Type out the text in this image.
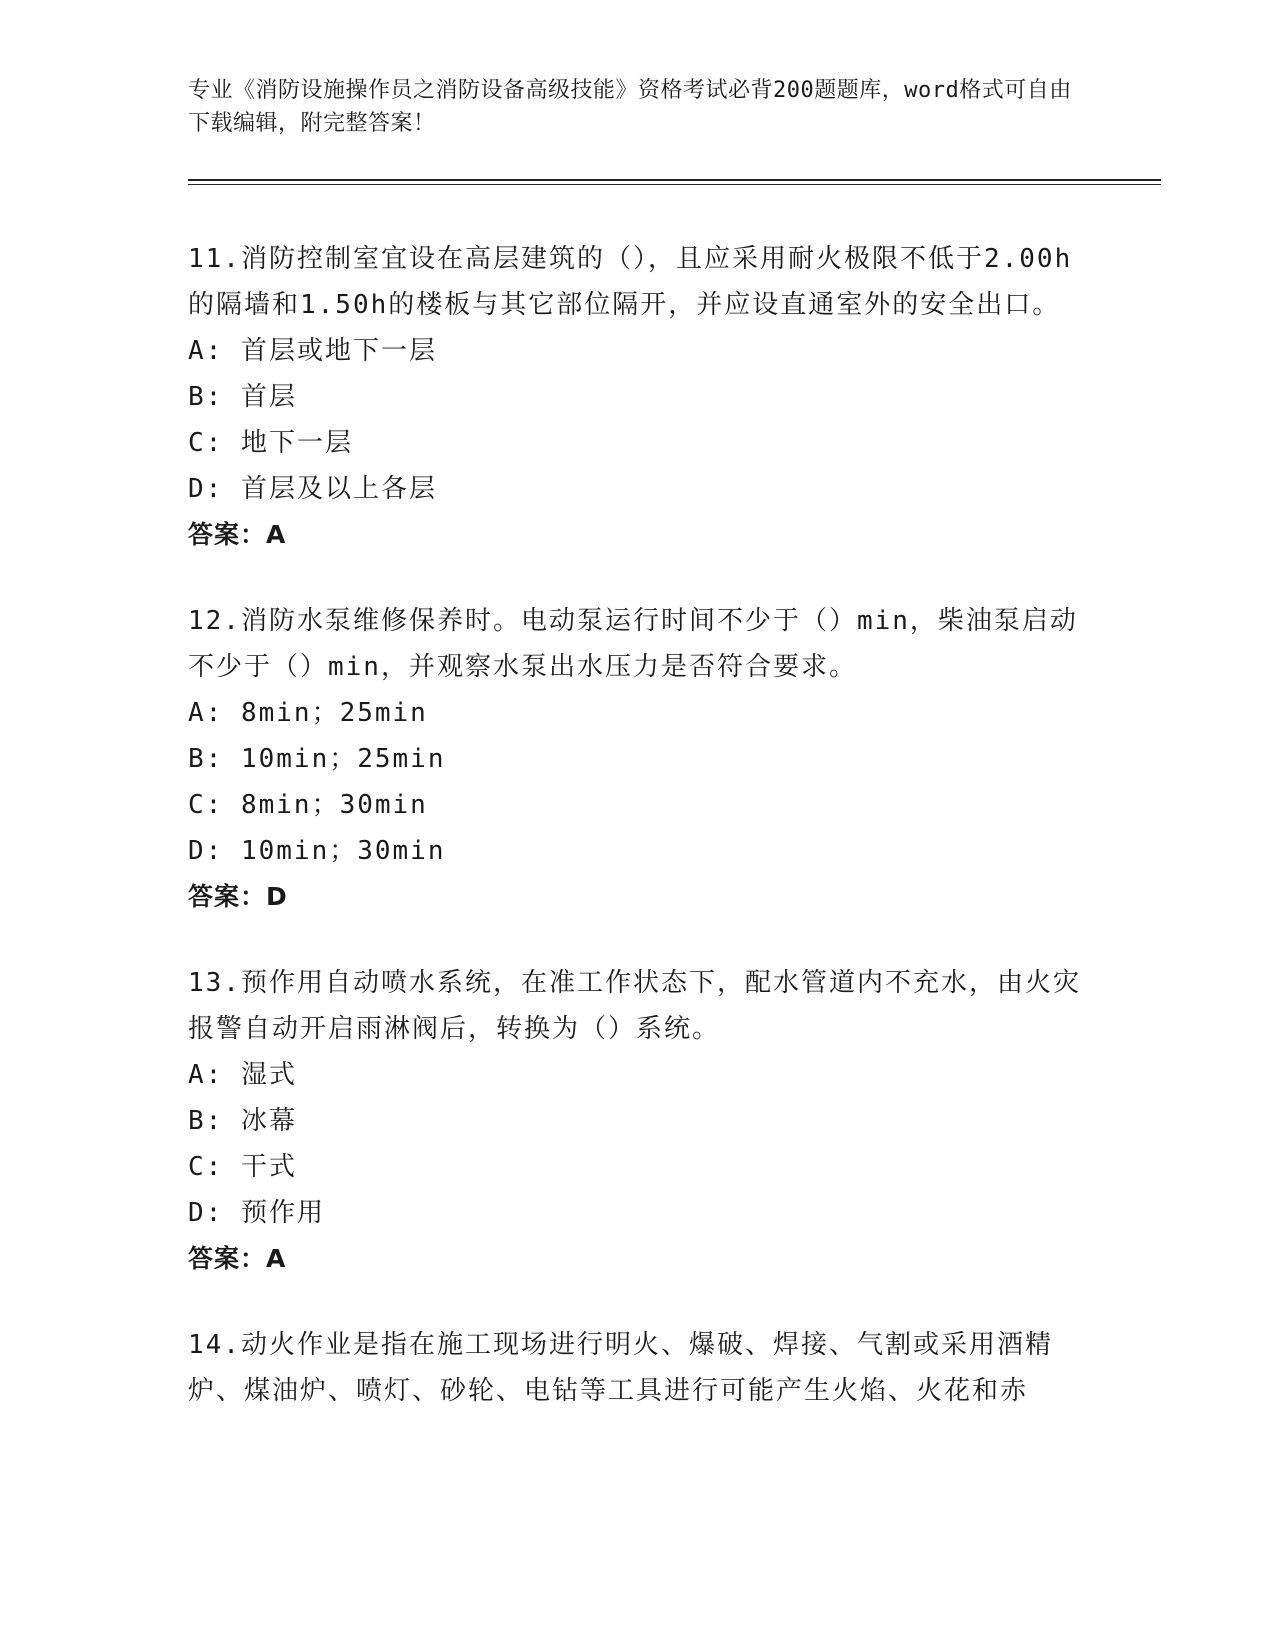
专业《消防设施操作员之消防设备高级技能》资格考试必背200题题库，word格式可自由下载编辑，附完整答案！

11.消防控制室宜设在高层建筑的（），且应采用耐火极限不低于2.00h的隔墙和1.50h的楼板与其它部位隔开，并应设直通室外的安全出口。

A: 首层或地下一层

B: 首层

C: 地下一层

D: 首层及以上各层

答案：A

12.消防水泵维修保养时。电动泵运行时间不少于（）min，柴油泵启动不少于（）min，并观察水泵出水压力是否符合要求。

A: 8min；25min

B: 10min；25min

C: 8min；30min

D: 10min；30min

答案：D

13.预作用自动喷水系统，在准工作状态下，配水管道内不充水，由火灾报警自动开启雨淋阀后，转换为（）系统。

A: 湿式

B: 冰幕

C: 干式

D: 预作用

答案：A

14.动火作业是指在施工现场进行明火、爆破、焊接、气割或采用酒精炉、煤油炉、喷灯、砂轮、电钻等工具进行可能产生火焰、火花和赤
